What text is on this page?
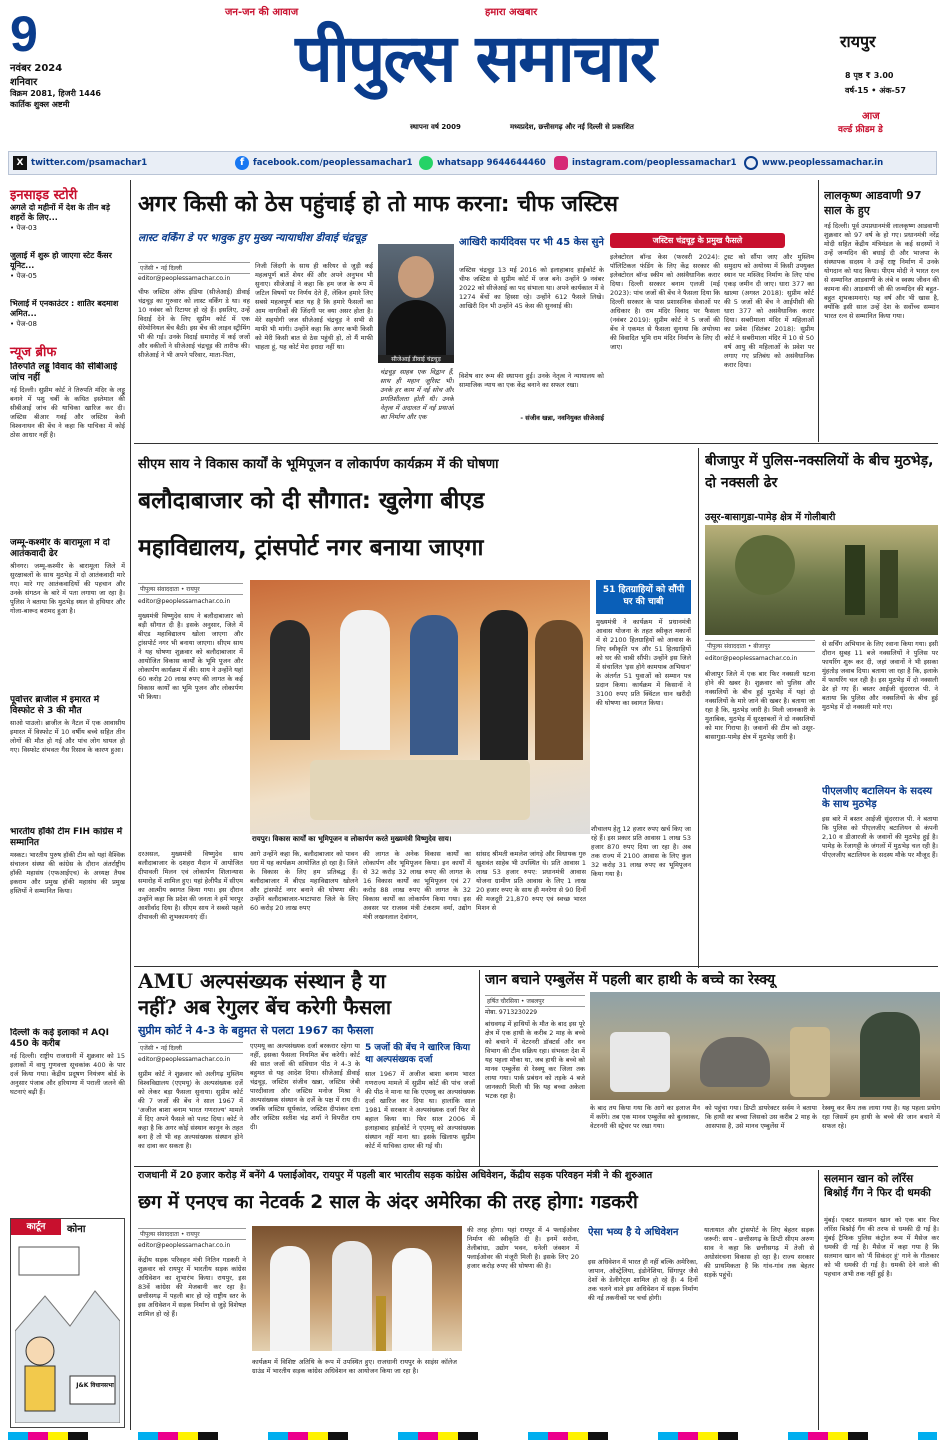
9
नवंबर 2024
शनिवार
विक्रम 2081, हिजरी 1446
कार्तिक शुक्ल अष्टमी
जन-जन की आवाज	हमारा अखबार
पीपुल्स समाचार
स्थापना वर्ष 2009	मध्यप्रदेश, छत्तीसगढ़ और नई दिल्ली से प्रकाशित
रायपुर
8 पृष्ठ ₹ 3.00
वर्ष-15 • अंक-57
आज
वर्ल्ड फ्रीडम डे
X twitter.com/psamachar1	f	facebook.com/peoplessamachar1	whatsapp 9644644460	instagram.com/peoplessamachar1	www.peoplessamachar.in
इनसाइड स्टोरी
अगले दो महीनों में देश के तीन बड़े शहरों के लिए...
• पेज-03
जुलाई में शुरू हो जाएगा स्टेट कैंसर यूनिट...
• पेज-05
भिलाई में एनकाउंटर : शातिर बदमाश अमित...
• पेज-08
न्यूज ब्रीफ
तिरुपति लड्डू विवाद की सीबीआई जांच नहीं
नई दिल्ली। सुप्रीम कोर्ट ने तिरुपति मंदिर के लड्डू बनाने में पशु चर्बी के कथित इस्तेमाल की सीबीआई जांच की याचिका खारिज कर दी। जस्टिस बीआर गवई और जस्टिस केवी विश्वनाथन की बेंच ने कहा कि याचिका में कोई ठोस आधार नहीं है।
जम्मू-कश्मीर के बारामूला में दो आतंकवादी ढेर
श्रीनगर। जम्मू-कश्मीर के बारामूला जिले में सुरक्षाबलों के साथ मुठभेड़ में दो आतंकवादी मारे गए। मारे गए आतंकवादियों की पहचान और उनके संगठन के बारे में पता लगाया जा रहा है। पुलिस ने बताया कि मुठभेड़ स्थल से हथियार और गोला-बारूद बरामद हुआ है।
पूर्वोत्तर ब्राजील में इमारत में विस्फोट से 3 की मौत
साओ पाउलो। ब्राजील के नैटल में एक आवासीय इमारत में विस्फोट में 10 वर्षीय बच्चे सहित तीन लोगों की मौत हो गई और पांच लोग घायल हो गए। विस्फोट संभवतः गैस रिसाव के कारण हुआ।
भारतीय हॉकी टीम FIH कांग्रेस में सम्मानित
मस्कट। भारतीय पुरुष हॉकी टीम को यहां वैश्विक संचालन संस्था की कांग्रेस के दौरान अंतर्राष्ट्रीय हॉकी महासंघ (एफआईएच) के अध्यक्ष तैयब इकराम और प्रमुख हॉकी महासंघ की प्रमुख हस्तियों ने सम्मानित किया।
दिल्ली के कई इलाकों में AQI 450 के करीब
नई दिल्ली। राष्ट्रीय राजधानी में शुक्रवार को 15 इलाकों में वायु गुणवत्ता सूचकांक 400 के पार दर्ज किया गया। केंद्रीय प्रदूषण नियंत्रण बोर्ड के अनुसार पंजाब और हरियाणा में पराली जलने की घटनाएं बढ़ी हैं।
कार्टून	कोना
J&K विधानसभा
अगर किसी को ठेस पहुंचाई हो तो माफ करना: चीफ जस्टिस
लास्ट वर्किंग डे पर भावुक हुए मुख्य न्यायाधीश डीवाई चंद्रचूड़
एजेंसी • नई दिल्ली
editor@peoplessamachar.co.in
चीफ जस्टिस ऑफ इंडिया (सीजेआई) डीवाई चंद्रचूड़ का गुरुवार को लास्ट वर्किंग डे था। वह 10 नवंबर को रिटायर हो रहे हैं। इसलिए, उन्हें विदाई देने के लिए सुप्रीम कोर्ट में एक सेरेमोनियल बेंच बैठी। इस बेंच की लाइव स्ट्रीमिंग भी की गई। उनके विदाई समारोह में कई जजों और वकीलों ने सीजेआई चंद्रचूड़ की तारीफ की। सीजेआई ने भी अपने परिवार, माता-पिता,
निजी जिंदगी के साथ ही करियर से जुड़ी कई महत्वपूर्ण बातें शेयर कीं और अपने अनुभव भी सुनाए। सीजेआई ने कहा कि हम जज के रूप में जटिल विषयों पर निर्णय देते हैं, लेकिन हमारे लिए सबसे महत्वपूर्ण बात यह है कि हमारे फैसलों का आम नागरिकों की जिंदगी पर क्या असर होता है। मेरे सहयोगी जज सीजेआई चंद्रचूड़ ने सभी से माफी भी मांगी। उन्होंने कहा कि अगर कभी किसी को मेरी किसी बात से ठेस पहुंची हो, तो मैं माफी चाहता हूं, यह कोर्ट मेरा इरादा नहीं था।
सीजेआई डीवाई चंद्रचूड़
चंद्रचूड़ साहब एक विद्वान हैं, साथ ही महान जूरिस्ट भी। उनके हर काम में नई सोच और प्रगतिशीलता होती थी। उनके नेतृत्व में अदालत में नई प्रथाओं का निर्माण और एक
आखिरी कार्यदिवस पर भी 45 केस सुने
जस्टिस चंद्रचूड़ 13 मई 2016 को इलाहाबाद हाईकोर्ट के चीफ जस्टिस से सुप्रीम कोर्ट में जज बने। उन्होंने 9 नवंबर 2022 को सीजेआई का पद संभाला था। अपने कार्यकाल में वे 1274 बेंचों का हिस्सा रहे। उन्होंने 612 फैसले लिखे। आखिरी दिन भी उन्होंने 45 केस की सुनवाई की।
विशेष वार रूम की स्थापना हुई। उनके नेतृत्व ने न्यायालय को सामाजिक न्याय का एक केंद्र बनाने का सफल रखा।
- संजीव खन्ना, नवनियुक्त सीजेआई
जस्टिस चंद्रचूड़ के प्रमुख फैसले
इलेक्टोरल बॉन्ड केस (फरवरी 2024): पॉलिटिकल फंडिंग के लिए केंद्र सरकार की इलेक्टोरल बॉन्ड स्कीम को असंवैधानिक करार दिया। दिल्ली सरकार बनाम एलजी (मई 2023): पांच जजों की बेंच ने फैसला दिया कि दिल्ली सरकार के पास प्रशासनिक सेवाओं पर अधिकार है। राम मंदिर विवाद पर फैसला (नवंबर 2019): सुप्रीम कोर्ट ने 5 जजों की बेंच ने एकमत से फैसला सुनाया कि अयोध्या की विवादित भूमि राम मंदिर निर्माण के लिए दी जाए।
ट्रस्ट को सौंपा जाए और मुस्लिम समुदाय को अयोध्या में किसी उपयुक्त स्थान पर मस्जिद निर्माण के लिए पांच एकड़ जमीन दी जाए। धारा 377 का खात्मा (अगस्त 2018): सुप्रीम कोर्ट की 5 जजों की बेंच ने आईपीसी की धारा 377 को असंवैधानिक करार दिया। सबरीमाला मंदिर में महिलाओं का प्रवेश (सितंबर 2018): सुप्रीम कोर्ट ने सबरीमाला मंदिर में 10 से 50 वर्ष आयु की महिलाओं के प्रवेश पर लगाए गए प्रतिबंध को असंवैधानिक करार दिया।
लालकृष्ण आडवाणी 97 साल के हुए
नई दिल्ली। पूर्व उपप्रधानमंत्री लालकृष्ण आडवाणी शुक्रवार को 97 वर्ष के हो गए। प्रधानमंत्री नरेंद्र मोदी सहित केंद्रीय मंत्रिमंडल के कई सदस्यों ने उन्हें जन्मदिन की बधाई दी और भाजपा के संस्थापक सदस्य ने उन्हें राष्ट्र निर्माण में उनके योगदान को याद किया। पीएम मोदी ने भारत रत्न से सम्मानित आडवाणी के लंबे व स्वस्थ जीवन की कामना की। आडवाणी जी की जन्मदिन की बहुत-बहुत शुभकामनाएं। यह वर्ष और भी खास है, क्योंकि इसी साल उन्हें देश के सर्वोच्च सम्मान भारत रत्न से सम्मानित किया गया।
सीएम साय ने विकास कार्यों के भूमिपूजन व लोकार्पण कार्यक्रम में की घोषणा
बलौदाबाजार को दी सौगात: खुलेगा बीएड
महाविद्यालय, ट्रांसपोर्ट नगर बनाया जाएगा
पीपुल्स संवाददाता • रायपुर
editor@peoplessamachar.co.in
मुख्यमंत्री विष्णुदेव साय ने बलौदाबाजार को बड़ी सौगात दी है। इसके अनुसार, जिले में बीएड महाविद्यालय खोला जाएगा और ट्रांसपोर्ट नगर भी बनाया जाएगा। सीएम साय ने यह घोषणा शुक्रवार को बलौदाबाजार में आयोजित विकास कार्यों के भूमि पूजन और लोकार्पण कार्यक्रम में की। साय ने उन्होंने यहां 60 करोड़ 20 लाख रुपए की लागत के कई विकास कार्यों का भूमि पूजन और लोकार्पण भी किया।
रायपुर। विकास कार्यों का भूमिपूजन व लोकार्पण करते मुख्यमंत्री विष्णुदेव साय।
51 हितग्राहियों को सौंपी घर की चाबी
मुख्यमंत्री ने कार्यक्रम में प्रधानमंत्री आवास योजना के तहत स्वीकृत मकानों में से 2100 हितग्राहियों को आवास के लिए स्वीकृति पत्र और 51 हितग्राहियों को घर की चाबी सौंपी। उन्होंने इस जिले में संचालित 'इस होगे कामयाब अभियान' के अंतर्गत 51 युवाओं को सम्मान पत्र प्रदान किया। कार्यक्रम में किसानों ने 3100 रुपए प्रति क्विंटल धान खरीदी की घोषणा का स्वागत किया।
दरअसल, मुख्यमंत्री विष्णुदेव साय बलौदाबाजार के दशहरा मैदान में आयोजित दीपावली मिलन एवं लोकार्पण शिलान्यास समारोह में शामिल हुए। यहां हेलीपैड में सीएम का आत्मीय स्वागत किया गया। इस दौरान उन्होंने कहा कि प्रदेश की जनता ने हमें भरपूर आशीर्वाद दिया है। सीएम साय ने सबसे पहले दीपावली की शुभकामनाएं दीं।
आगे उन्होंने कहा कि, बलौदाबाजार को पावन धरा में यह कार्यक्रम आयोजित हो रहा है। जिले के विकास के लिए हम प्रतिबद्ध हैं। बलौदाबाजार में बीएड महाविद्यालय खोलने और ट्रांसपोर्ट नगर बनाने की घोषणा की। उन्होंने बलौदाबाजार-भाटापारा जिले के लिए 60 करोड़ 20 लाख रुपए
की लागत के अनेक विकास कार्यों का लोकार्पण और भूमिपूजन किया। इन कार्यों में से 32 करोड़ 32 लाख रुपए की लागत के 16 विकास कार्यों का भूमिपूजन एवं 27 करोड़ 88 लाख रुपए की लागत के 32 विकास कार्यों का लोकार्पण किया गया। इस अवसर पर राजस्व मंत्री टंकराम वर्मा, उद्योग मंत्री लखनलाल देवांगन,
सांसद श्रीमती कमलेश जांगड़े और विधायक गुरु खुशवंत साहेब भी उपस्थित थे। प्रति आवास 1 लाख 53 हजार रुपए: प्रधानमंत्री आवास योजना ग्रामीण प्रति आवास के लिए 1 लाख 20 हजार रुपए के साथ ही मनरेगा से 90 दिनों की मजदूरी 21,870 रुपए एवं स्वच्छ भारत मिशन से
शौचालय हेतु 12 हजार रुपए खर्च किए जा रहे हैं। इस प्रकार प्रति आवास 1 लाख 53 हजार 870 रुपए दिया जा रहा है। अब तक राज्य में 2100 आवास के लिए कुल 32 करोड़ 31 लाख रुपए का भूमिपूजन किया गया है।
बीजापुर में पुलिस-नक्सलियों के बीच मुठभेड़, दो नक्सली ढेर
उसूर-बासागुडा-पामेड़ क्षेत्र में गोलीबारी
पीपुल्स संवाददाता • बीजापुर
editor@peoplessamachar.co.in
बीजापुर जिले में एक बार फिर नक्सली घटना होने की खबर है। शुक्रवार को पुलिस और नक्सलियों के बीच हुई मुठभेड़ में यहां दो नक्सलियों के मारे जाने की खबर है। बताया जा रहा है कि, मुठभेड़ जारी है। मिली जानकारी के मुताबिक, मुठभेड़ में सुरक्षाबलों ने दो नक्सलियों को मार गिराया है। जवानों की टीम को उसूर-बासागुडा-पामेड़ क्षेत्र में मुठभेड़ जारी है।
से सर्चिंग अभियान के लिए रवाना किया गया। इसी दौरान सुबह 11 बजे नक्सलियों ने पुलिस पर फायरिंग शुरू कर दी, जहां जवानों ने भी इसका मुंहतोड़ जवाब दिया। बताया जा रहा है कि, इलाके में फायरिंग चल रही है। इस मुठभेड़ में दो नक्सली ढेर हो गए हैं। बस्तर आईजी सुंदरराज पी. ने बताया कि पुलिस और नक्सलियों के बीच हुई मुठभेड़ में दो नक्सली मारे गए।
पीएलजीए बटालियन के सदस्य के साथ मुठभेड़
इस बारे में बस्तर आईजी सुंदरराज पी. ने बताया कि पुलिस को पीएलजीए बटालियन से कंपनी 2,10 व डीआरजी के जवानों की मुठभेड़ हुई है। पामेड़ के रेंजागट्टी के जंगलों में मुठभेड़ चल रही है। पीएलजीए बटालियन के सदस्य मौके पर मौजूद हैं।
AMU अल्पसंख्यक संस्थान है या
नहीं? अब रेगुलर बेंच करेगी फैसला
सुप्रीम कोर्ट ने 4-3 के बहुमत से पलटा 1967 का फैसला
एजेंसी • नई दिल्ली
editor@peoplessamachar.co.in
सुप्रीम कोर्ट ने शुक्रवार को अलीगढ़ मुस्लिम विश्वविद्यालय (एएमयू) के अल्पसंख्यक दर्जे को लेकर बड़ा फैसला सुनाया। सुप्रीम कोर्ट की 7 जजों की बेंच ने साल 1967 में 'अजीज बाशा बनाम भारत गणराज्य' मामले में दिए अपने फैसले को पलट दिया। कोर्ट ने कहा है कि अगर कोई संस्थान कानून के तहत बना है तो भी वह अल्पसंख्यक संस्थान होने का दावा कर सकता है।
एएमयू का अल्पसंख्यक दर्जा बरकरार रहेगा या नहीं, इसका फैसला नियमित बेंच करेगी। कोर्ट की सात जजों की संविधान पीठ ने 4-3 के बहुमत से यह आदेश दिया। सीजेआई डीवाई चंद्रचूड़, जस्टिस संजीव खन्ना, जस्टिस जेबी पारदीवाला और जस्टिस मनोज मिश्रा ने अल्पसंख्यक संस्थान के दर्जे के पक्ष में राय दी। जबकि जस्टिस सूर्यकांत, जस्टिस दीपांकर दत्ता और जस्टिस सतीश चंद्र शर्मा ने विपरीत राय दी।
5 जजों की बेंच ने खारिज किया था अल्पसंख्यक दर्जा
साल 1967 में अजीज बाशा बनाम भारत गणराज्य मामले में सुप्रीम कोर्ट की पांच जजों की पीठ ने माना था कि एएमयू का अल्पसंख्यक दर्जा खारिज कर दिया था। हालांकि साल 1981 में सरकार ने अल्पसंख्यक दर्जा फिर से बहाल किया था। फिर साल 2006 में इलाहाबाद हाईकोर्ट ने एएमयू को अल्पसंख्यक संस्थान नहीं माना था। इसके खिलाफ सुप्रीम कोर्ट में याचिका दायर की गई थी।
जान बचाने एम्बुलेंस में पहली बार हाथी के बच्चे का रेस्क्यू
हर्षित चौरसिया • जबलपुर
मोबा. 9713230229
बांधवगढ़ में हाथियों के मौत के बाद इस पूरे क्षेत्र में एक हाथी के करीब 2 माह के बच्चे को बचाने में वेटरनरी डॉक्टर्स और वन विभाग की टीम सक्रिय रहा। संभवतः देश में यह पहला मौका था, जब हाथी के बच्चे को मानव एम्बुलेंस से रेस्क्यू कर जिला तक लाया गया। पार्क प्रबंधन को तड़के 4 बजे जानकारी मिली थी कि यह बच्चा अकेला भटक रहा है।
के बाद तय किया गया कि आगे का इलाज मैन में करेंगे। तब एक मानव एम्बुलेंस को बुलवाकर, वेटरनरी की स्ट्रेचर पर रखा गया।
को पहुंचा गया। डिप्टी डायरेक्टर सर्वम ने बताया कि हाथी का बच्चा जिसको उस करीब 2 माह के आसपास है, उसे मानव एम्बुलेंस में
रेस्क्यू कर कैंप तक लाया गया है। यह पहला प्रयोग रहा जिसमें हम हाथी के बच्चे की जान बचाने में सफल रहे।
राजधानी में 20 हजार करोड़ में बनेंगे 4 फ्लाईओवर, रायपुर में पहली बार भारतीय सड़क कांग्रेस अधिवेशन, केंद्रीय सड़क परिवहन मंत्री ने की शुरुआत
छग में एनएच का नेटवर्क 2 साल के अंदर अमेरिका की तरह होगा: गडकरी
पीपुल्स संवाददाता • रायपुर
editor@peoplessamachar.co.in
केंद्रीय सड़क परिवहन मंत्री नितिन गडकरी ने शुक्रवार को रायपुर में भारतीय सड़क कांग्रेस अधिवेशन का शुभारंभ किया। रायपुर, इस 83वें कांग्रेस की मेजबानी कर रहा है। छत्तीसगढ़ में पहली बार हो रहे राष्ट्रीय स्तर के इस अधिवेशन में सड़क निर्माण से जुड़े विशेषज्ञ शामिल हो रहे हैं।
कार्यक्रम में विशिष्ट अतिथि के रूप में उपस्थित हुए। राजधानी रायपुर के साइंस कॉलेज ग्राउंड में भारतीय सड़क कांग्रेस अधिवेशन का आयोजन किया जा रहा है।
की तरह होगा। यहां रायपुर में 4 फ्लाईओवर निर्माण की स्वीकृति दी है। इनमें सरोना, तेलीबांधा, उद्योग भवन, धनेली जंक्शन में फ्लाईओवर की मंजूरी मिली है। इसके लिए 20 हजार करोड़ रुपए की घोषणा की है।
ऐसा भव्य है ये अधिवेशन
इस अधिवेशन में भारत ही नहीं बल्कि अमेरिका, जापान, ऑस्ट्रेलिया, इंडोनेशिया, सिंगापुर जैसे देशों के डेलीगेट्स शामिल हो रहे हैं। 4 दिनों तक चलने वाले इस अधिवेशन में सड़क निर्माण की नई तकनीकों पर चर्चा होगी।
यातायात और ट्रांसपोर्ट के लिए बेहतर सड़क जरूरी: साय - छत्तीसगढ़ के डिप्टी सीएम अरुण साव ने कहा कि छत्तीसगढ़ में तेजी से अधोसंरचना विकास हो रहा है। राज्य सरकार की प्राथमिकता है कि गांव-गांव तक बेहतर सड़कें पहुंचें।
सलमान खान को लॉरेंस बिश्नोई गैंग ने फिर दी धमकी
मुंबई। एक्टर सलमान खान को एक बार फिर लॉरेंस बिश्नोई गैंग की तरफ से धमकी दी गई है। मुंबई ट्रैफिक पुलिस कंट्रोल रूम में मैसेज कर धमकी दी गई है। मैसेज में कहा गया है कि सलमान खान को 'मैं सिकंदर हूं' गाने के गीतकार को भी धमकी दी गई है। धमकी देने वाले की पहचान अभी तक नहीं हुई है।
